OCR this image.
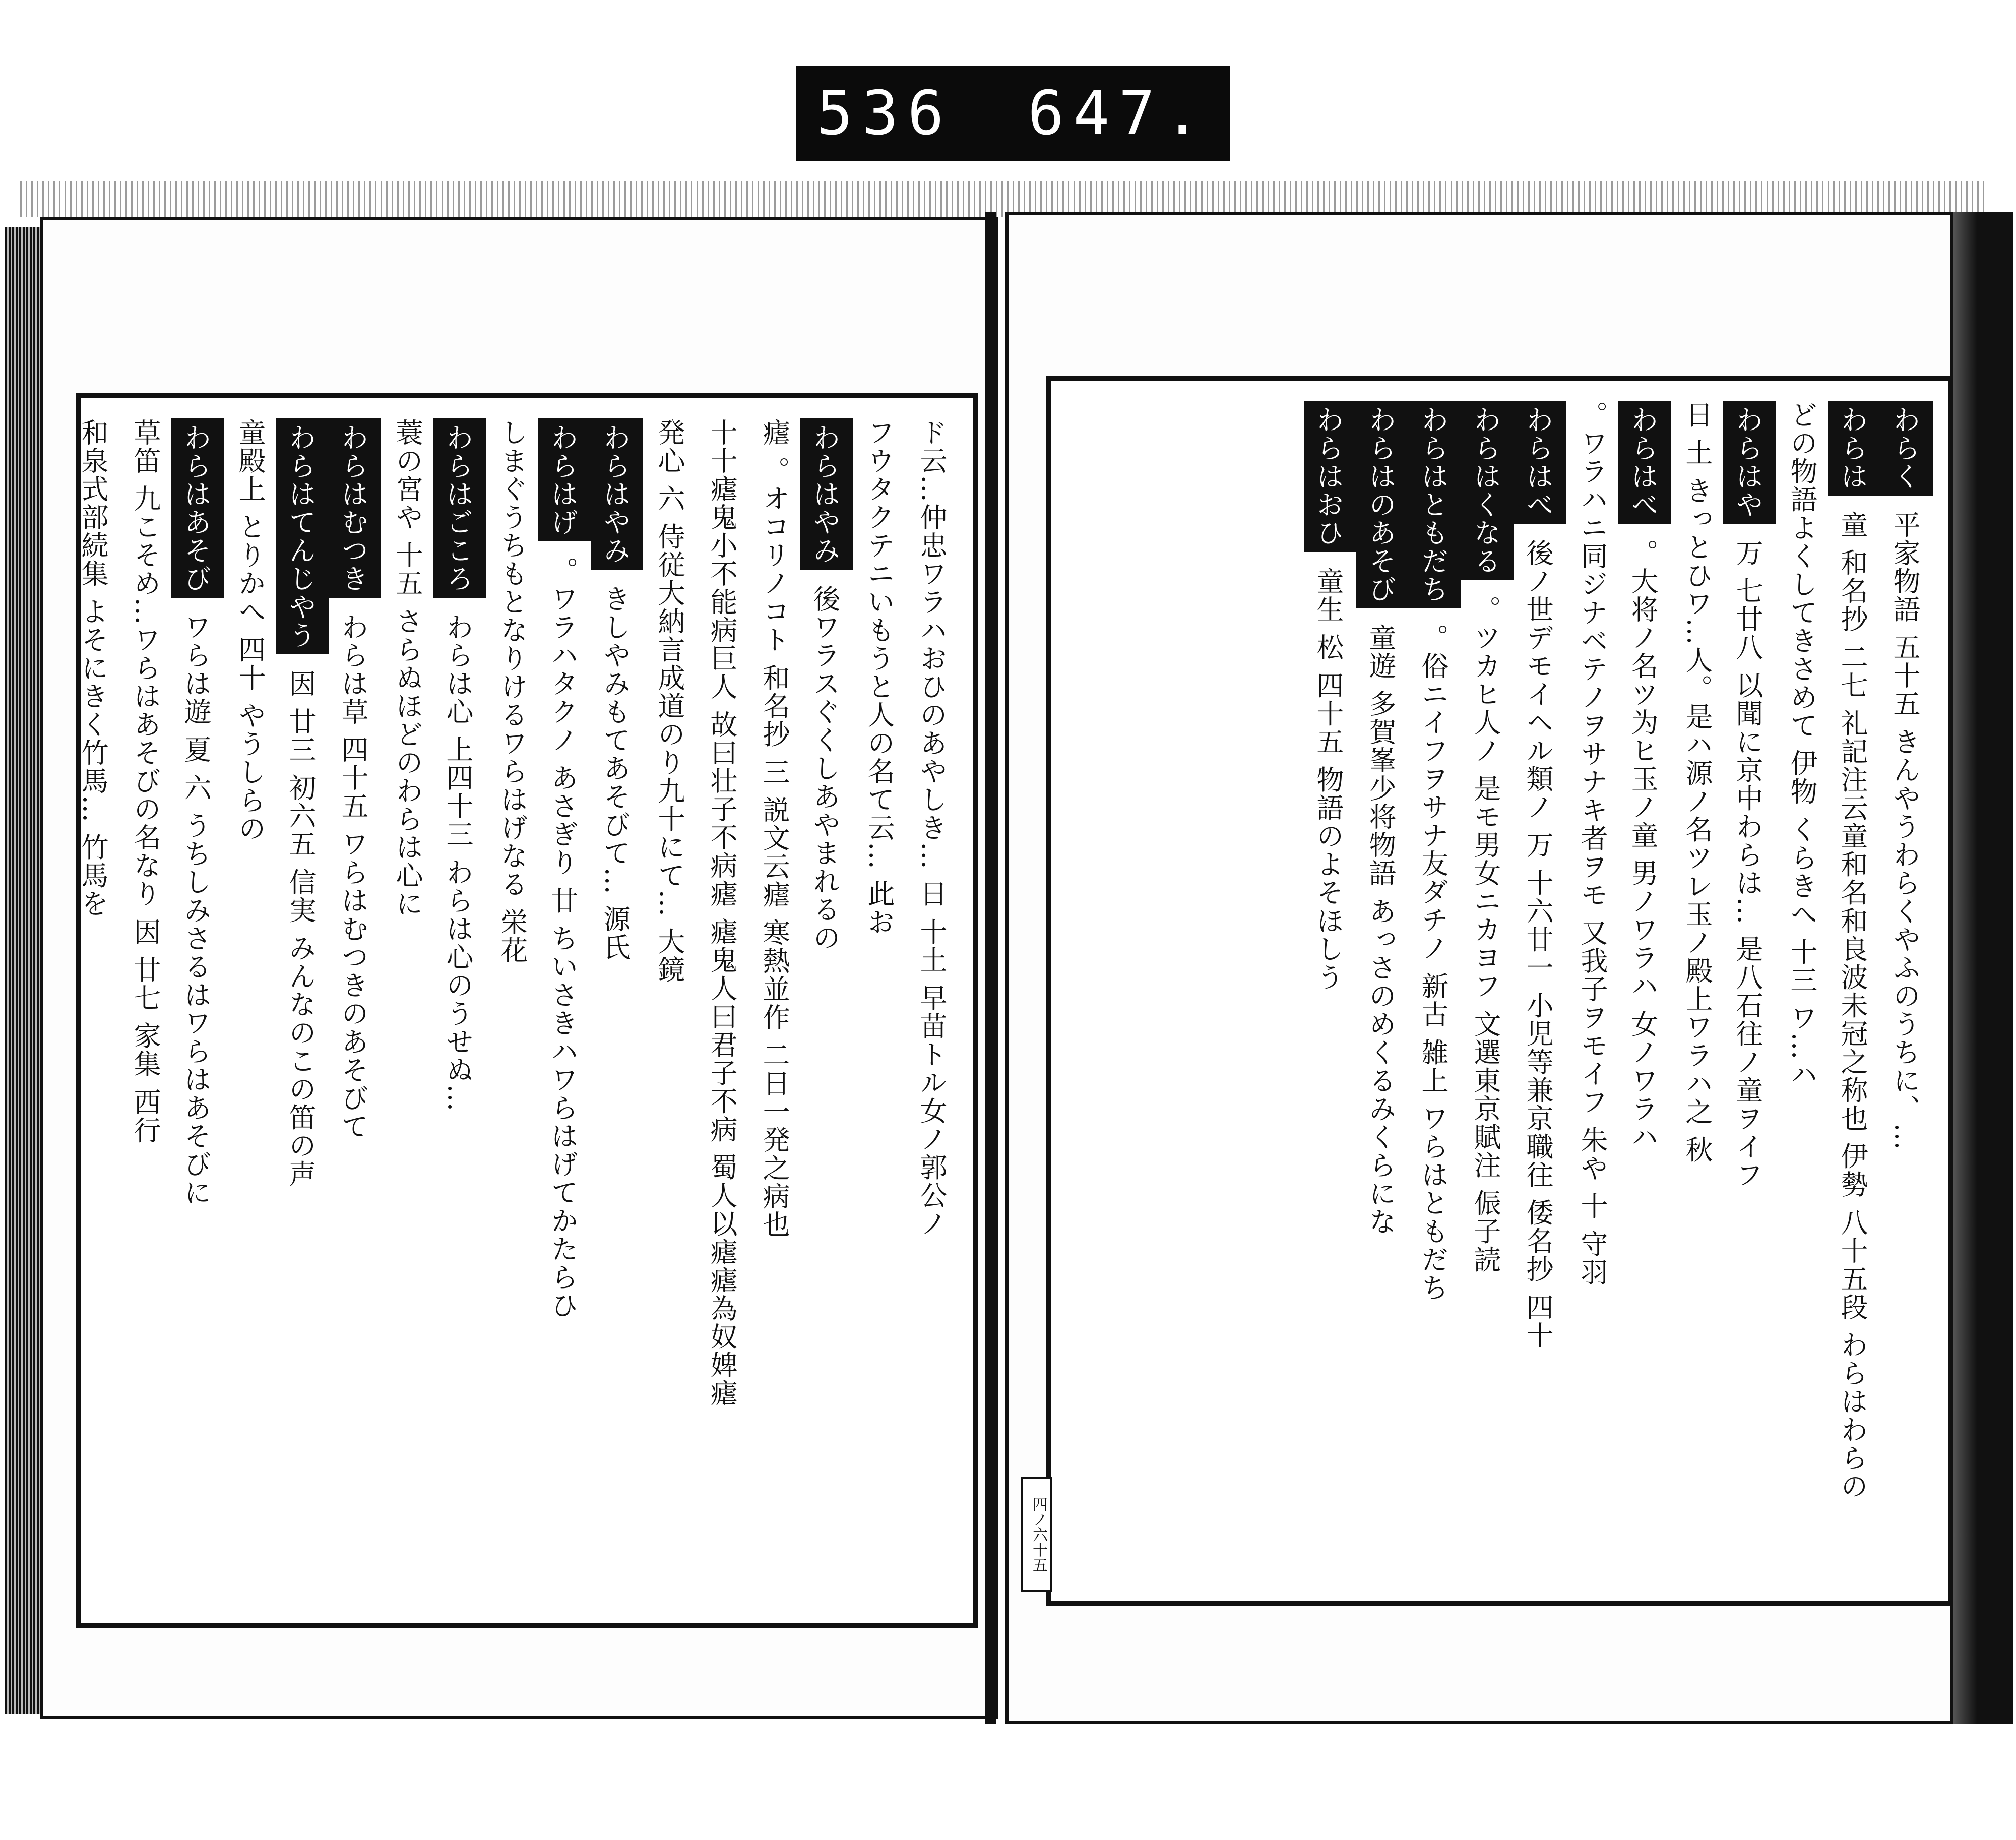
536 647.
わらく平家物語 五十五 きんやうわらくやふのうちに、…
わらは童 和名抄 二七 礼記注云童和名和良波未冠之称也 伊勢 八十五段 わらはわらの
どの物語よくしてきさめて 伊物 くらきへ 十三 ワ…ハ
わらはや万 七廿八 以聞に京中わらは… 是八石往ノ童ヲイフ
日 土 きっとひワ…人。是ハ源ノ名ツレ玉ノ殿上ワラハ之 秋
わらはべ。大将ノ名ツ为ヒ玉ノ童 男ノワラハ 女ノワラハ
。ワラハニ同ジナベテノヲサナキ者ヲモ 又我子ヲモイフ 朱や 十 守羽
わらはべ後ノ世デモイヘル類ノ 万 十六廿一 小児等兼京職往 倭名抄 四十
わらはくなる。ツカヒ人ノ 是モ男女ニカヨフ 文選東京賦注 侲子読
わらはともだち。俗ニイフヲサナ友ダチノ 新古 雑上 ワらはともだち
わらはのあそび童遊 多賀峯少将物語 あっさのめくるみくらにな
わらはおひ童生 松 四十五 物語のよそほしう
四ノ六十五
ド云…仲忠ワラハおひのあやしき… 日 十土 早苗トル女ノ郭公ノ
フウタクテニいもうと人の名て云… 此お
わらはやみ後ワラスぐくしあやまれるの
瘧 。オコリノコト 和名抄 三 説文云瘧 寒熱並作 二日一発之病也
十十瘧鬼小不能病巨人 故曰壮子不病瘧 瘧鬼人曰君子不病 蜀人以瘧瘧為奴婢瘧
発心 六 侍従大納言成道のり九十にて… 大鏡
わらはやみきしやみもてあそびて… 源氏
わらはげ。ワラハタクノ あさぎり 廿 ちいさきハワらはげてかたらひ
しまぐうちもとなりけるワらはげなる 栄花
わらはごころわらは心 上四十三 わらは心のうせぬ…
蓑の宮や 十五 さらぬほどのわらは心に
わらはむつきわらは草 四十五 ワらはむつきのあそびて
わらはてんじやう因 廿三 初六五 信実 みんなのこの笛の声
童殿上 とりかへ 四十 やうしらの
わらはあそびワらは遊 夏 六 うちしみさるはワらはあそびに
草笛 九こそめ…ワらはあそびの名なり 因 廿七 家集 西行
和泉式部続集 よそにきく竹馬… 竹馬を
